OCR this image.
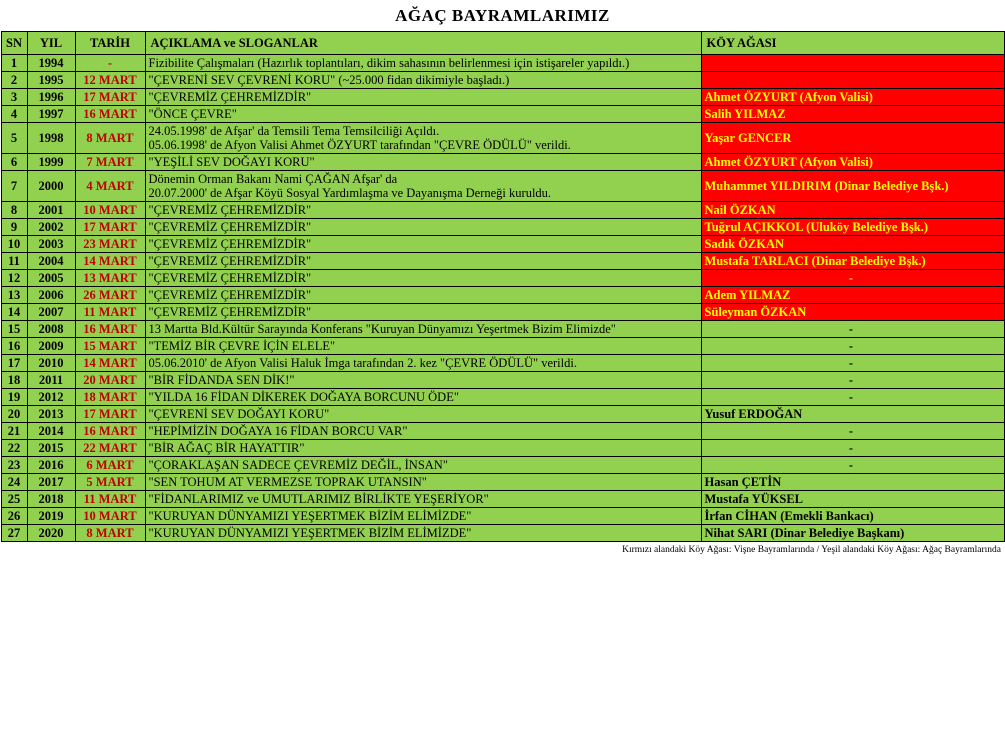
AĞAÇ BAYRAMLARIMIZ
SN	YIL	TARİH	AÇIKLAMA ve SLOGANLAR	KÖY AĞASI
1	1994	-	Fizibilite Çalışmaları (Hazırlık toplantıları, dikim sahasının belirlenmesi için istişareler yapıldı.)	
2	1995	12 MART	"ÇEVRENİ SEV ÇEVRENİ KORU" (~25.000 fidan dikimiyle başladı.)	
3	1996	17 MART	"ÇEVREMİZ ÇEHREMİZDİR"	Ahmet ÖZYURT (Afyon Valisi)
4	1997	16 MART	"ÖNCE ÇEVRE"	Salih YILMAZ
5	1998	8 MART	24.05.1998' de Afşar' da Temsili Tema Temsilciliği Açıldı.
05.06.1998' de Afyon Valisi Ahmet ÖZYURT tarafından "ÇEVRE ÖDÜLÜ" verildi.	Yaşar GENCER
6	1999	7 MART	"YEŞİLİ SEV DOĞAYI KORU"	Ahmet ÖZYURT (Afyon Valisi)
7	2000	4 MART	Dönemin Orman Bakanı Nami ÇAĞAN Afşar' da
20.07.2000' de Afşar Köyü Sosyal Yardımlaşma ve Dayanışma Derneği kuruldu.	Muhammet YILDIRIM (Dinar Belediye Bşk.)
8	2001	10 MART	"ÇEVREMİZ ÇEHREMİZDİR"	Nail ÖZKAN
9	2002	17 MART	"ÇEVREMİZ ÇEHREMİZDİR"	Tuğrul AÇIKKOL (Uluköy Belediye Bşk.)
10	2003	23 MART	"ÇEVREMİZ ÇEHREMİZDİR"	Sadık ÖZKAN
11	2004	14 MART	"ÇEVREMİZ ÇEHREMİZDİR"	Mustafa TARLACI (Dinar Belediye Bşk.)
12	2005	13 MART	"ÇEVREMİZ ÇEHREMİZDİR"	-
13	2006	26 MART	"ÇEVREMİZ ÇEHREMİZDİR"	Adem YILMAZ
14	2007	11 MART	"ÇEVREMİZ ÇEHREMİZDİR"	Süleyman ÖZKAN
15	2008	16 MART	13 Martta Bld.Kültür Sarayında Konferans "Kuruyan Dünyamızı Yeşertmek Bizim Elimizde"	-
16	2009	15 MART	"TEMİZ BİR ÇEVRE İÇİN ELELE"	-
17	2010	14 MART	05.06.2010' de Afyon Valisi Haluk İmga tarafından 2. kez "ÇEVRE ÖDÜLÜ" verildi.	-
18	2011	20 MART	"BİR FİDANDA SEN DİK!"	-
19	2012	18 MART	"YILDA 16 FİDAN DİKEREK DOĞAYA BORCUNU ÖDE"	-
20	2013	17 MART	"ÇEVRENİ SEV DOĞAYI KORU"	Yusuf ERDOĞAN
21	2014	16 MART	"HEPİMİZİN DOĞAYA 16 FİDAN BORCU VAR"	-
22	2015	22 MART	"BİR AĞAÇ BİR HAYATTIR"	-
23	2016	6 MART	"ÇORAKLAŞAN SADECE ÇEVREMİZ DEĞİL, İNSAN"	-
24	2017	5 MART	"SEN TOHUM AT VERMEZSE TOPRAK UTANSIN"	Hasan ÇETİN
25	2018	11 MART	"FİDANLARIMIZ ve UMUTLARIMIZ BİRLİKTE YEŞERİYOR"	Mustafa YÜKSEL
26	2019	10 MART	"KURUYAN DÜNYAMIZI YEŞERTMEK BİZİM ELİMİZDE"	İrfan CİHAN (Emekli Bankacı)
27	2020	8 MART	"KURUYAN DÜNYAMIZI YEŞERTMEK BİZİM ELİMİZDE"	Nihat SARI (Dinar Belediye Başkanı)
Kırmızı alandaki Köy Ağası: Vişne Bayramlarında / Yeşil alandaki Köy Ağası: Ağaç Bayramlarında
